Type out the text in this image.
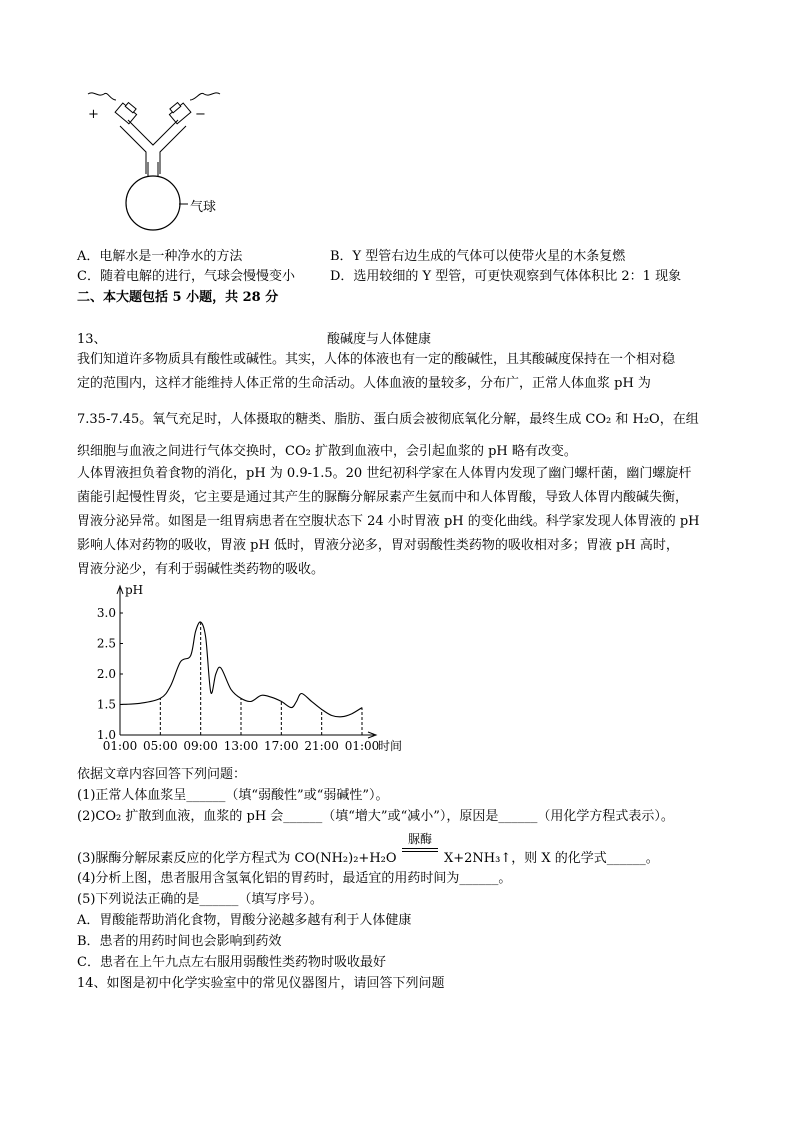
+	−
气球
A．电解水是一种净水的方法	B．Y 型管右边生成的气体可以使带火星的木条复燃
C．随着电解的进行，气球会慢慢变小	D．选用较细的 Y 型管，可更快观察到气体体积比 2：1 现象
二、本大题包括 5 小题，共 28 分
13、	酸碱度与人体健康
我们知道许多物质具有酸性或碱性。其实，人体的体液也有一定的酸碱性，且其酸碱度保持在一个相对稳
定的范围内，这样才能维持人体正常的生命活动。人体血液的量较多，分布广，正常人体血浆 pH 为
7.35-7.45。氧气充足时，人体摄取的糖类、脂肪、蛋白质会被彻底氧化分解，最终生成 CO₂ 和 H₂O，在组
织细胞与血液之间进行气体交换时，CO₂ 扩散到血液中，会引起血浆的 pH 略有改变。
人体胃液担负着食物的消化，pH 为 0.9-1.5。20 世纪初科学家在人体胃内发现了幽门螺杆菌，幽门螺旋杆
菌能引起慢性胃炎，它主要是通过其产生的脲酶分解尿素产生氨而中和人体胃酸，导致人体胃内酸碱失衡，
胃液分泌异常。如图是一组胃病患者在空腹状态下 24 小时胃液 pH 的变化曲线。科学家发现人体胃液的 pH
影响人体对药物的吸收，胃液 pH 低时，胃液分泌多，胃对弱酸性类药物的吸收相对多；胃液 pH 高时，
胃液分泌少，有利于弱碱性类药物的吸收。
pH
1.0
1.5
2.0
2.5
3.0
01:00 05:00 09:00 13:00 17:00 21:00 01:00
时间
依据文章内容回答下列问题：
(1)正常人体血浆呈______（填“弱酸性”或“弱碱性”）。
(2)CO₂ 扩散到血液，血浆的 pH 会______（填“增大”或“减小”），原因是______（用化学方程式表示）。
(3)脲酶分解尿素反应的化学方程式为 CO(NH₂)₂+H₂O
脲酶
X+2NH₃↑，则 X 的化学式______。
(4)分析上图，患者服用含氢氧化铝的胃药时，最适宜的用药时间为______。
(5)下列说法正确的是______（填写序号）。
A．胃酸能帮助消化食物，胃酸分泌越多越有利于人体健康
B．患者的用药时间也会影响到药效
C．患者在上午九点左右服用弱酸性类药物时吸收最好
14、如图是初中化学实验室中的常见仪器图片，请回答下列问题
